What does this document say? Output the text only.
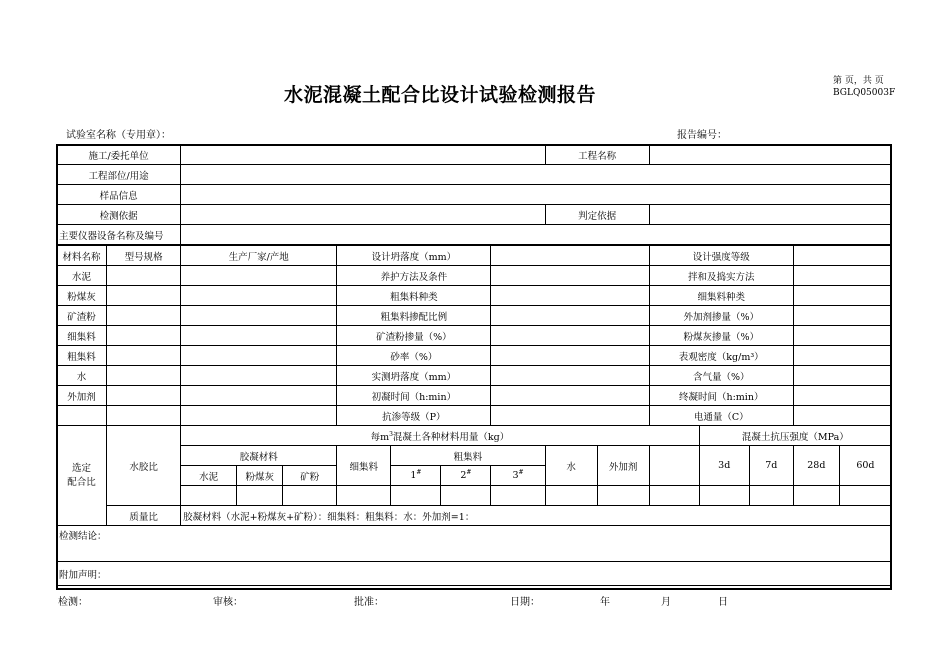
水泥混凝土配合比设计试验检测报告
第 页，共 页
BGLQ05003F
试验室名称（专用章）：	报告编号：
施工/委托单位									工程名称						
工程部位/用途															
样品信息															
检测依据									判定依据						
主要仪器设备名称及编号															
材料名称	型号规格	生产厂家/产地			设计坍落度（mm）						设计强度等级				
水泥					养护方法及条件						拌和及捣实方法				
粉煤灰					粗集料种类						细集料种类				
矿渣粉					粗集料掺配比例						外加剂掺量（%）				
细集料					矿渣粉掺量（%）						粉煤灰掺量（%）				
粗集料					砂率（%）						表观密度（kg/m³）				
水					实测坍落度（mm）						含气量（%）				
外加剂					初凝时间（h:min）						终凝时间（h:min）				
					抗渗等级（P）						电通量（C）				
选定
配合比	水胶比	每$m^3$混凝土各种材料用量（kg）										混凝土抗压强度（MPa）			
		胶凝材料			细集料	粗集料			水	外加剂		3d	7d	28d	60d
		水泥	粉煤灰	矿粉		1#	2#	3#

	质量比	胶凝材料（水泥+粉煤灰+矿粉）：细集料：粗集料：水：外加剂=1：													
检测结论：															
附加声明：															
检测：	审核：	批准：	日期：	年	月	日
